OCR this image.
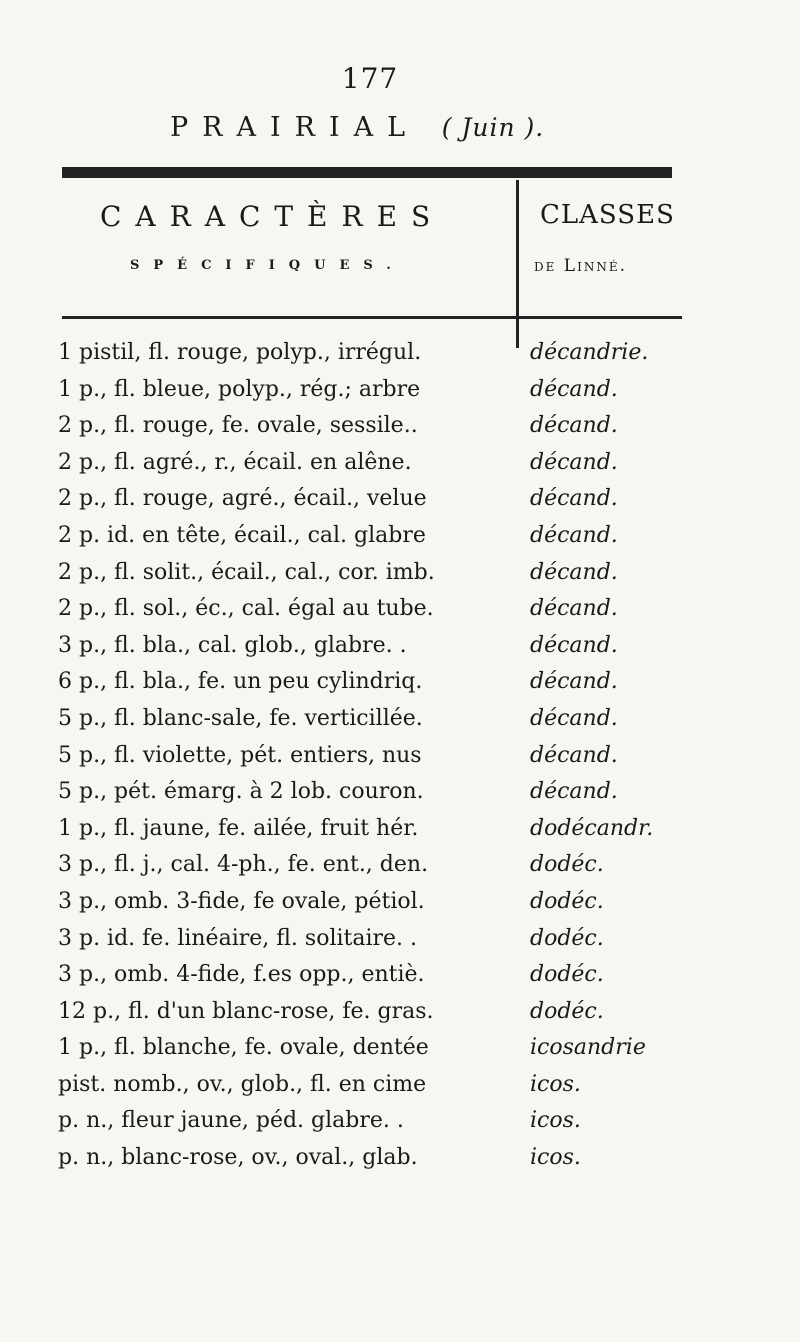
177
PRAIRIAL ( Juin ).
CARACTÈRES
SPÉCIFIQUES.
CLASSES
de Linné.
1 pistil, fl. rouge, polyp., irrégul.	décandrie.
1 p., fl. bleue, polyp., rég.; arbre	décand.
2 p., fl. rouge, fe. ovale, sessile..	décand.
2 p., fl. agré., r., écail. en alêne.	décand.
2 p., fl. rouge, agré., écail., velue	décand.
2 p. id. en tête, écail., cal. glabre	décand.
2 p., fl. solit., écail., cal., cor. imb.	décand.
2 p., fl. sol., éc., cal. égal au tube.	décand.
3 p., fl. bla., cal. glob., glabre. .	décand.
6 p., fl. bla., fe. un peu cylindriq.	décand.
5 p., fl. blanc-sale, fe. verticillée.	décand.
5 p., fl. violette, pét. entiers, nus	décand.
5 p., pét. émarg. à 2 lob. couron.	décand.
1 p., fl. jaune, fe. ailée, fruit hér.	dodécandr.
3 p., fl. j., cal. 4-ph., fe. ent., den.	dodéc.
3 p., omb. 3-fide, fe ovale, pétiol.	dodéc.
3 p. id. fe. linéaire, fl. solitaire. .	dodéc.
3 p., omb. 4-fide, f.es opp., entiè.	dodéc.
12 p., fl. d'un blanc-rose, fe. gras.	dodéc.
1 p., fl. blanche, fe. ovale, dentée	icosandrie
pist. nomb., ov., glob., fl. en cime	icos.
p. n., fleur jaune, péd. glabre. .	icos.
p. n., blanc-rose, ov., oval., glab.	icos.
